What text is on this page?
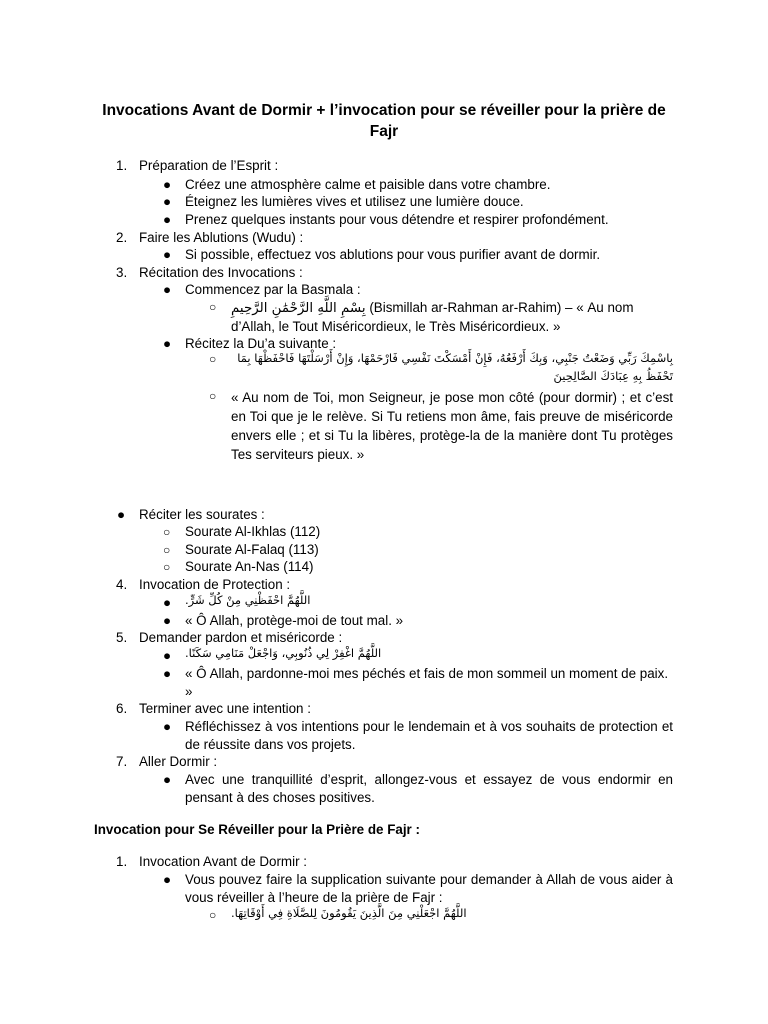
Invocations Avant de Dormir + l’invocation pour se réveiller pour la prière de Fajr
1. Préparation de l’Esprit :
● Créez une atmosphère calme et paisible dans votre chambre.
● Éteignez les lumières vives et utilisez une lumière douce.
● Prenez quelques instants pour vous détendre et respirer profondément.
2. Faire les Ablutions (Wudu) :
● Si possible, effectuez vos ablutions pour vous purifier avant de dormir.
3. Récitation des Invocations :
● Commencez par la Basmala :
○ بِسْمِ اللَّهِ الرَّحْمَٰنِ الرَّحِيمِ (Bismillah ar-Rahman ar-Rahim) – « Au nom d’Allah, le Tout Miséricordieux, le Très Miséricordieux. »
● Récitez la Du’a suivante :
○	بِاسْمِكَ رَبِّي وَضَعْتُ جَنْبِي، وَبِكَ أَرْفَعُهُ، فَإِنْ أَمْسَكْتَ نَفْسِي فَارْحَمْهَا، وَإِنْ أَرْسَلْتَهَا فَاحْفَظْهَا بِمَا تَحْفَظُ بِهِ عِبَادَكَ الصَّالِحِينَ
○ « Au nom de Toi, mon Seigneur, je pose mon côté (pour dormir) ; et c’est en Toi que je le relève. Si Tu retiens mon âme, fais preuve de miséricorde envers elle ; et si Tu la libères, protège-la de la manière dont Tu protèges Tes serviteurs pieux. »
● Réciter les sourates :
○ Sourate Al-Ikhlas (112)
○ Sourate Al-Falaq (113)
○ Sourate An-Nas (114)
4. Invocation de Protection :
● اللَّهُمَّ احْفَظْنِي مِنْ كُلِّ شَرٍّ.
● « Ô Allah, protège-moi de tout mal. »
5. Demander pardon et miséricorde :
● اللَّهُمَّ اغْفِرْ لِي ذُنُوبِي، وَاجْعَلْ مَنَامِي سَكَنًا.
● « Ô Allah, pardonne-moi mes péchés et fais de mon sommeil un moment de paix. »
6. Terminer avec une intention :
● Réfléchissez à vos intentions pour le lendemain et à vos souhaits de protection et de réussite dans vos projets.
7. Aller Dormir :
● Avec une tranquillité d’esprit, allongez-vous et essayez de vous endormir en pensant à des choses positives.
Invocation pour Se Réveiller pour la Prière de Fajr :
1. Invocation Avant de Dormir :
● Vous pouvez faire la supplication suivante pour demander à Allah de vous aider à vous réveiller à l’heure de la prière de Fajr :
○ اللَّهُمَّ اجْعَلْنِي مِنَ الَّذِينَ يَقُومُونَ لِلصَّلَاةِ فِي أَوْقَاتِهَا.
